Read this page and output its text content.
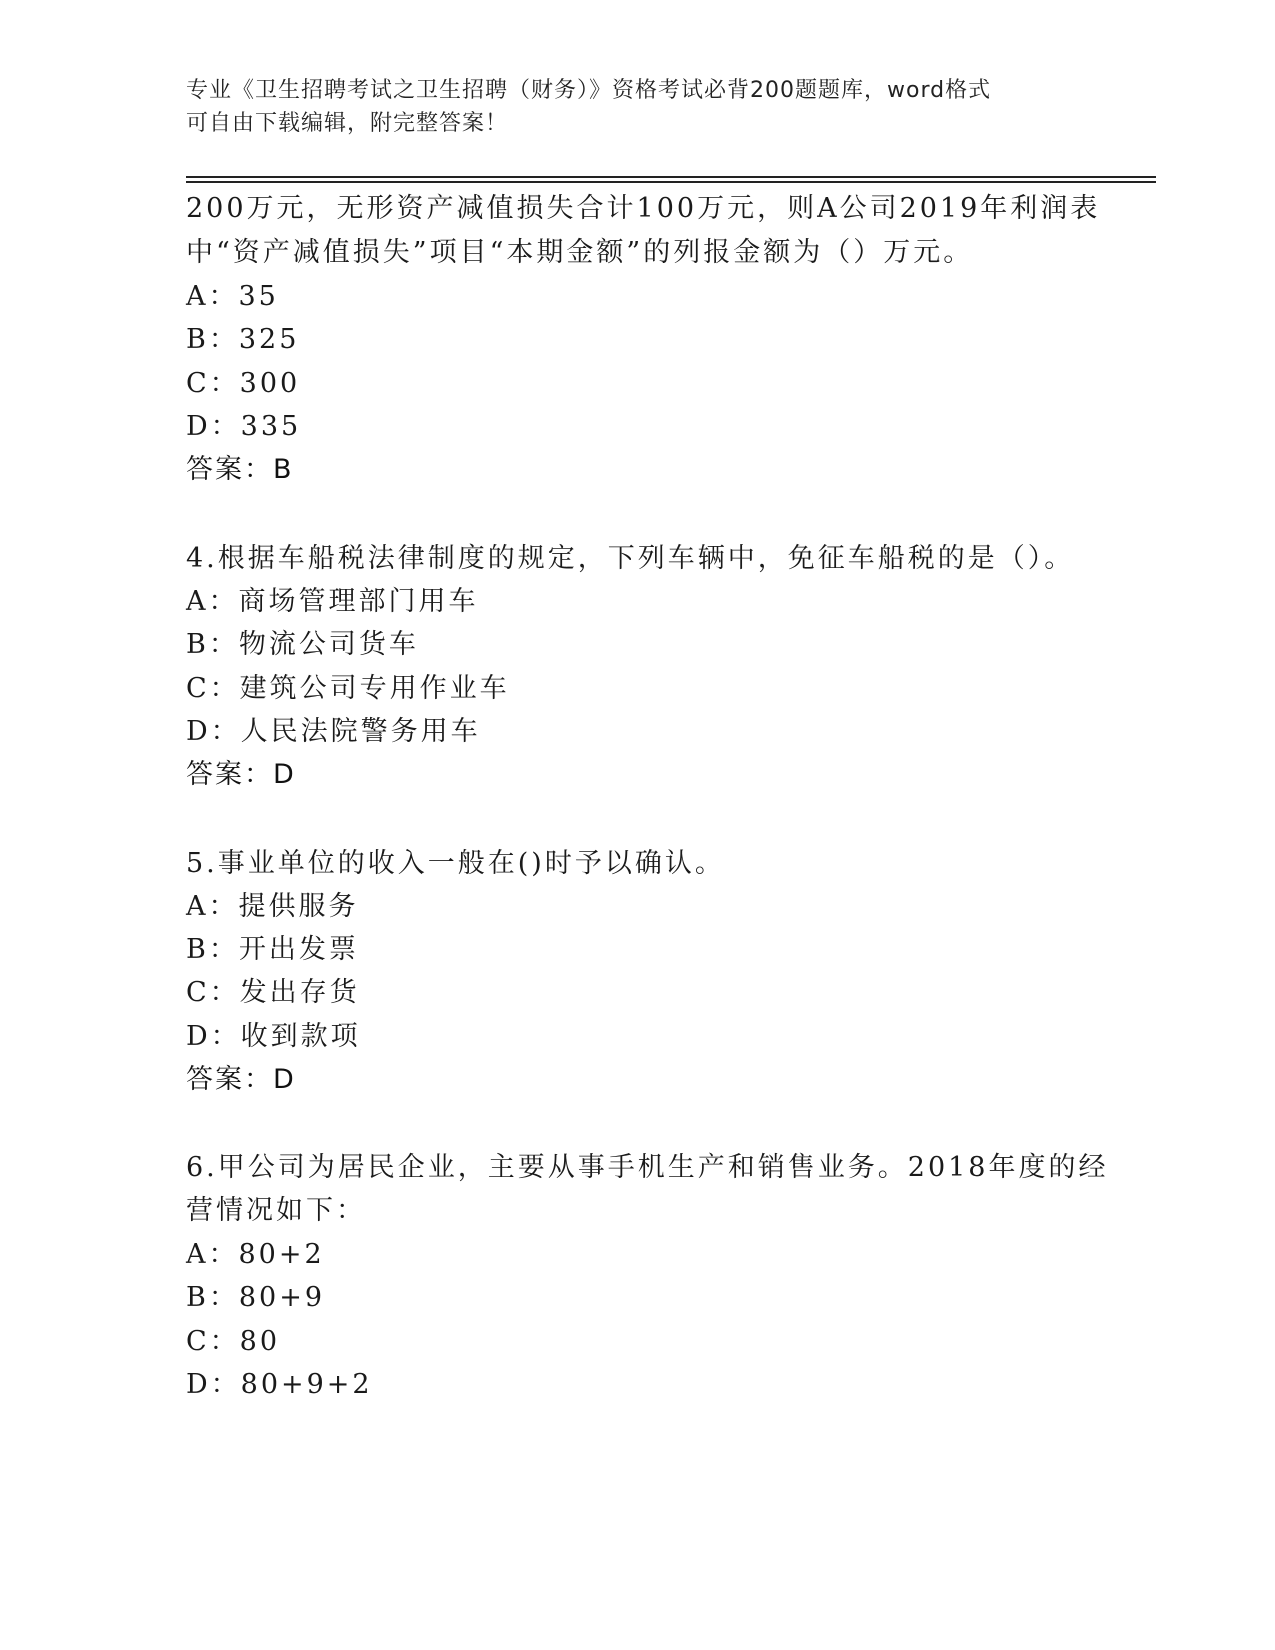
专业《卫生招聘考试之卫生招聘（财务）》资格考试必背200题题库，word格式
可自由下载编辑，附完整答案！
200万元，无形资产减值损失合计100万元，则A公司2019年利润表
中“资产减值损失”项目“本期金额”的列报金额为（）万元。
A：35
B：325
C：300
D：335
答案：B
4.根据车船税法律制度的规定，下列车辆中，免征车船税的是（）。
A：商场管理部门用车
B：物流公司货车
C：建筑公司专用作业车
D：人民法院警务用车
答案：D
5.事业单位的收入一般在()时予以确认。
A：提供服务
B：开出发票
C：发出存货
D：收到款项
答案：D
6.甲公司为居民企业，主要从事手机生产和销售业务。2018年度的经
营情况如下：
A：80+2
B：80+9
C：80
D：80+9+2
